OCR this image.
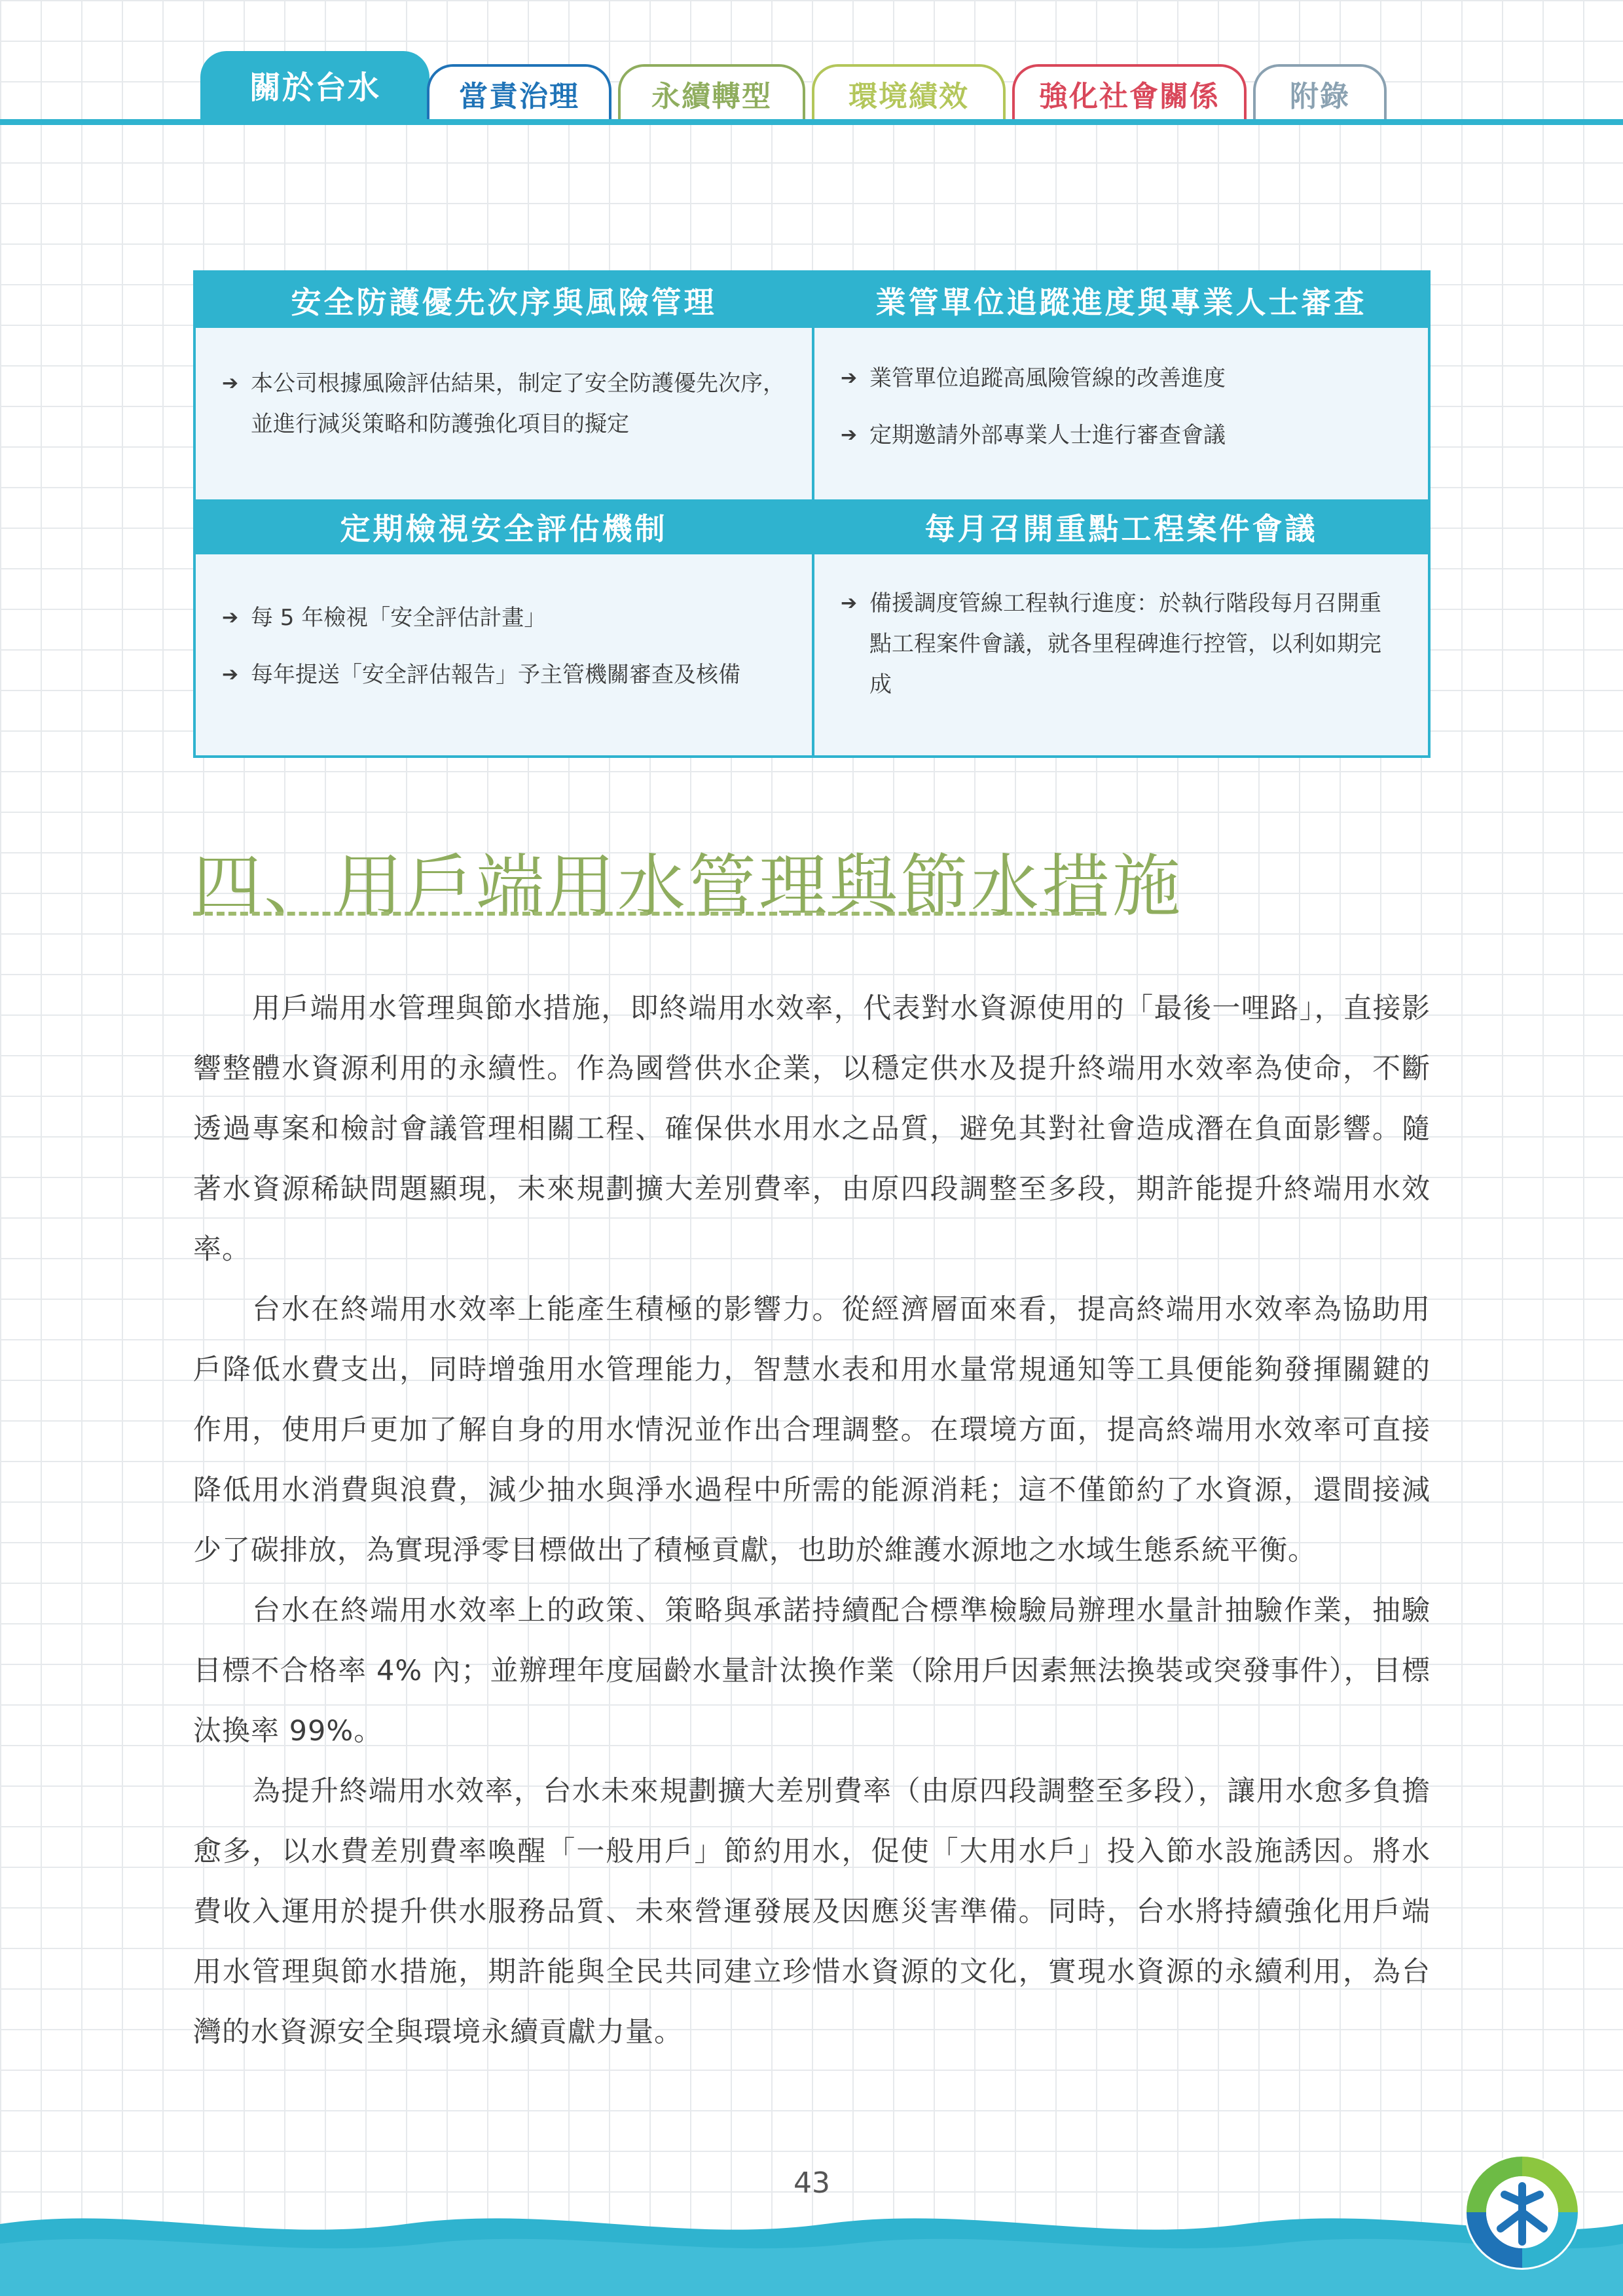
關於台水	當責治理	永續轉型	環境績效	強化社會關係	附錄
安全防護優先次序與風險管理	業管單位追蹤進度與專業人士審查
➔ 本公司根據風險評估結果，制定了安全防護優先次序，並進行減災策略和防護強化項目的擬定
➔ 業管單位追蹤高風險管線的改善進度
➔ 定期邀請外部專業人士進行審查會議
定期檢視安全評估機制	每月召開重點工程案件會議
➔ 每 5 年檢視「安全評估計畫」
➔ 每年提送「安全評估報告」予主管機關審查及核備
➔ 備援調度管線工程執行進度：於執行階段每月召開重點工程案件會議，就各里程碑進行控管，以利如期完成
四、用戶端用水管理與節水措施

用戶端用水管理與節水措施，即終端用水效率，代表對水資源使用的「最後一哩路」，直接影響整體水資源利用的永續性。作為國營供水企業，以穩定供水及提升終端用水效率為使命，不斷透過專案和檢討會議管理相關工程、確保供水用水之品質，避免其對社會造成潛在負面影響。隨著水資源稀缺問題顯現，未來規劃擴大差別費率，由原四段調整至多段，期許能提升終端用水效率。

台水在終端用水效率上能產生積極的影響力。從經濟層面來看，提高終端用水效率為協助用戶降低水費支出，同時增強用水管理能力，智慧水表和用水量常規通知等工具便能夠發揮關鍵的作用，使用戶更加了解自身的用水情況並作出合理調整。在環境方面，提高終端用水效率可直接降低用水消費與浪費，減少抽水與淨水過程中所需的能源消耗；這不僅節約了水資源，還間接減少了碳排放，為實現淨零目標做出了積極貢獻，也助於維護水源地之水域生態系統平衡。

台水在終端用水效率上的政策、策略與承諾持續配合標準檢驗局辦理水量計抽驗作業，抽驗目標不合格率 4% 內；並辦理年度屆齡水量計汰換作業（除用戶因素無法換裝或突發事件），目標汰換率 99%。

為提升終端用水效率，台水未來規劃擴大差別費率（由原四段調整至多段），讓用水愈多負擔愈多，以水費差別費率喚醒「一般用戶」節約用水，促使「大用水戶」投入節水設施誘因。將水費收入運用於提升供水服務品質、未來營運發展及因應災害準備。同時，台水將持續強化用戶端用水管理與節水措施，期許能與全民共同建立珍惜水資源的文化，實現水資源的永續利用，為台灣的水資源安全與環境永續貢獻力量。

43
